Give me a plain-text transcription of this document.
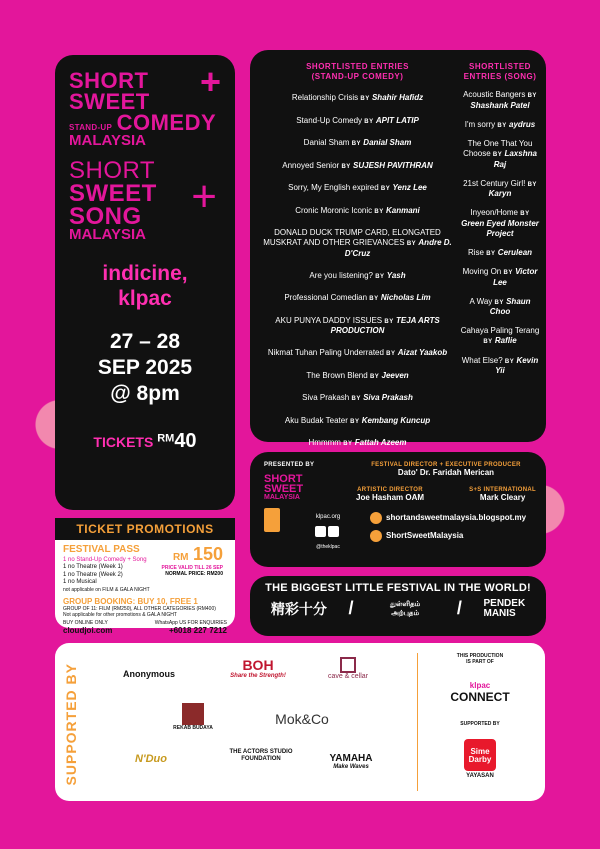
SHORT
SWEET
STAND-UP COMEDY
MALAYSIA
+
SHORT
SWEET
SONG
MALAYSIA
+
indicine,
klpac
27 – 28
SEP 2025
@ 8pm
TICKETS $^{RM}$40
SHORTLISTED ENTRIES
(STAND-UP COMEDY)
Relationship Crisis BY Shahir Hafidz
Stand-Up Comedy BY APIT LATIP
Danial Sham BY Danial Sham
Annoyed Senior BY SUJESH PAVITHRAN
Sorry, My English expired BY Yenz Lee
Cronic Moronic Iconic BY Kanmani
DONALD DUCK TRUMP CARD, ELONGATED MUSKRAT AND OTHER GRIEVANCES BY Andre D. D'Cruz
Are you listening? BY Yash
Professional Comedian BY Nicholas Lim
AKU PUNYA DADDY ISSUES BY TEJA ARTS PRODUCTION
Nikmat Tuhan Paling Underrated BY Aizat Yaakob
The Brown Blend BY Jeeven
Siva Prakash BY Siva Prakash
Aku Budak Teater BY Kembang Kuncup
Hmmmm BY Fattah Azeem
SHORTLISTED
ENTRIES (SONG)
Acoustic Bangers BY Shashank Patel
I'm sorry BY aydrus
The One That You Choose BY Laxshna Raj
21st Century Girl! BY Karyn
Inyeon/Home BY Green Eyed Monster Project
Rise BY Cerulean
Moving On BY Victor Lee
A Way BY Shaun Choo
Cahaya Paling Terang BY Raflie
What Else? BY Kevin Yii
PRESENTED BY
SHORT
SWEET
MALAYSIA
klpac.org
@theklpac
FESTIVAL DIRECTOR + EXECUTIVE PRODUCER
Dato' Dr. Faridah Merican
ARTISTIC DIRECTOR
Joe Hasham OAM
S+S INTERNATIONAL
Mark Cleary
shortandsweetmalaysia.blogspot.my
ShortSweetMalaysia
TICKET PROMOTIONS
FESTIVAL PASS
1 no Stand-Up Comedy + Song
1 no Theatre (Week 1)
1 no Theatre (Week 2)
1 no Musical
not applicable on FILM & GALA NIGHT
RM 150
PRICE VALID TILL 26 SEP
NORMAL PRICE: RM200
GROUP BOOKING: BUY 10, FREE 1
GROUP OF 11: FILM (RM250), ALL OTHER CATEGORIES (RM400)
Not applicable for other promotions & GALA NIGHT
BUY ONLINE ONLY
cloudjoi.com
WhatsApp US FOR ENQUIRIES
+6018 227 7212
THE BIGGEST LITTLE FESTIVAL IN THE WORLD!
精彩十分 /	துள்ளிதம் அற்புதம்	/ PENDEK
MANIS
SUPPORTED BY	Anonymous
BOH
Share the Strength!	cave & cellar
REKAB BUDAYA
Mok&Co
N'Duo
THE ACTORS STUDIO FOUNDATION	YAMAHA
Make Waves
THIS PRODUCTION
IS PART OF
klpac
CONNECT
SUPPORTED BY
Sime
Darby
YAYASAN
